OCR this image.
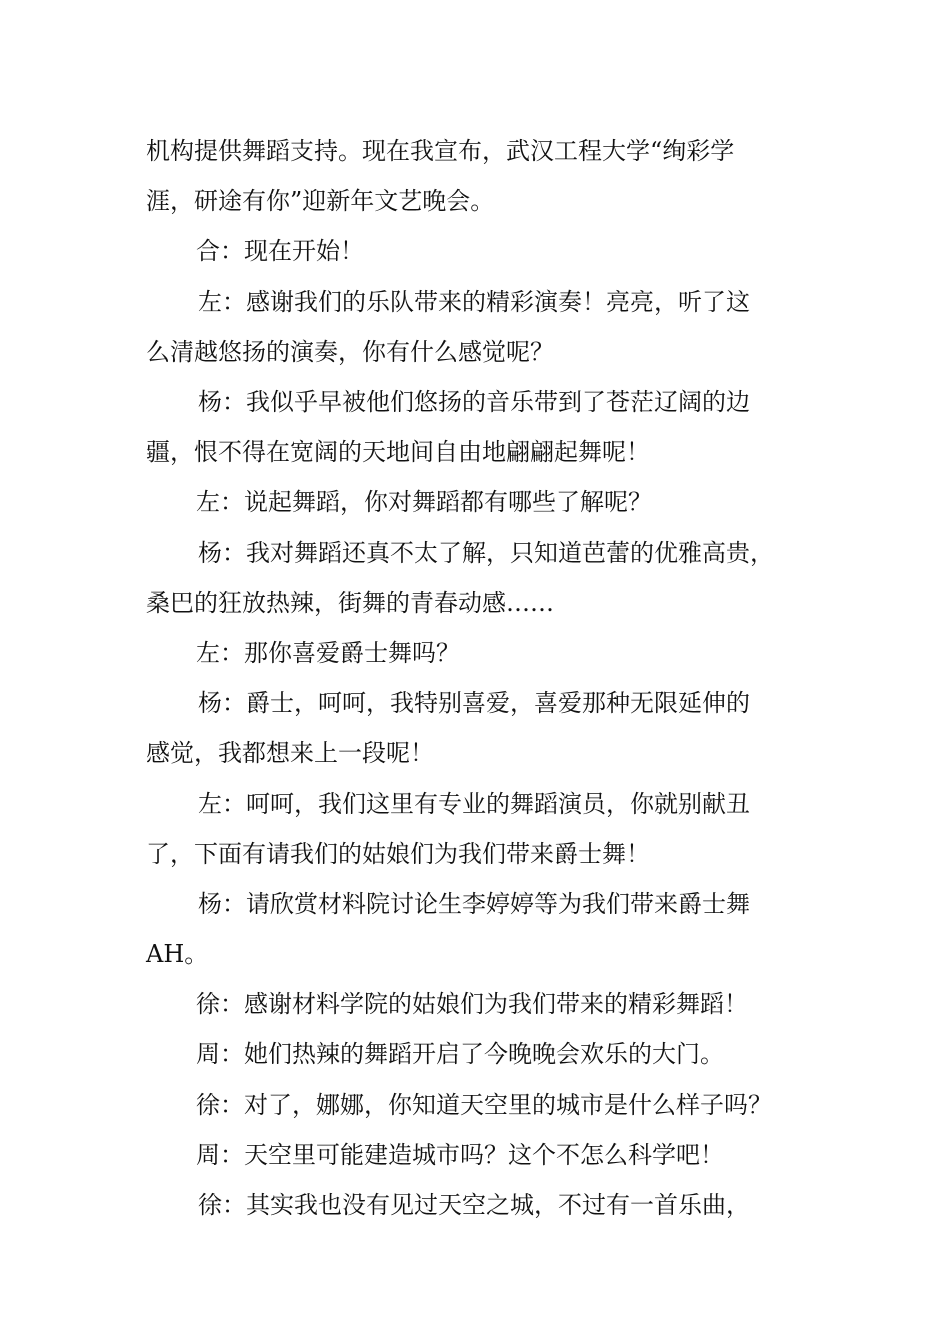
机构提供舞蹈支持。现在我宣布，武汉工程大学“绚彩学
涯，研途有你”迎新年文艺晚会。
合：现在开始！
左：感谢我们的乐队带来的精彩演奏！亮亮，听了这
么清越悠扬的演奏，你有什么感觉呢？
杨：我似乎早被他们悠扬的音乐带到了苍茫辽阔的边
疆，恨不得在宽阔的天地间自由地翩翩起舞呢！
左：说起舞蹈，你对舞蹈都有哪些了解呢？
杨：我对舞蹈还真不太了解，只知道芭蕾的优雅高贵，
桑巴的狂放热辣，街舞的青春动感……
左：那你喜爱爵士舞吗？
杨：爵士，呵呵，我特别喜爱，喜爱那种无限延伸的
感觉，我都想来上一段呢！
左：呵呵，我们这里有专业的舞蹈演员，你就别献丑
了，下面有请我们的姑娘们为我们带来爵士舞！
杨：请欣赏材料院讨论生李婷婷等为我们带来爵士舞
AH。
徐：感谢材料学院的姑娘们为我们带来的精彩舞蹈！
周：她们热辣的舞蹈开启了今晚晚会欢乐的大门。
徐：对了，娜娜，你知道天空里的城市是什么样子吗？
周：天空里可能建造城市吗？这个不怎么科学吧！
徐：其实我也没有见过天空之城，不过有一首乐曲，
